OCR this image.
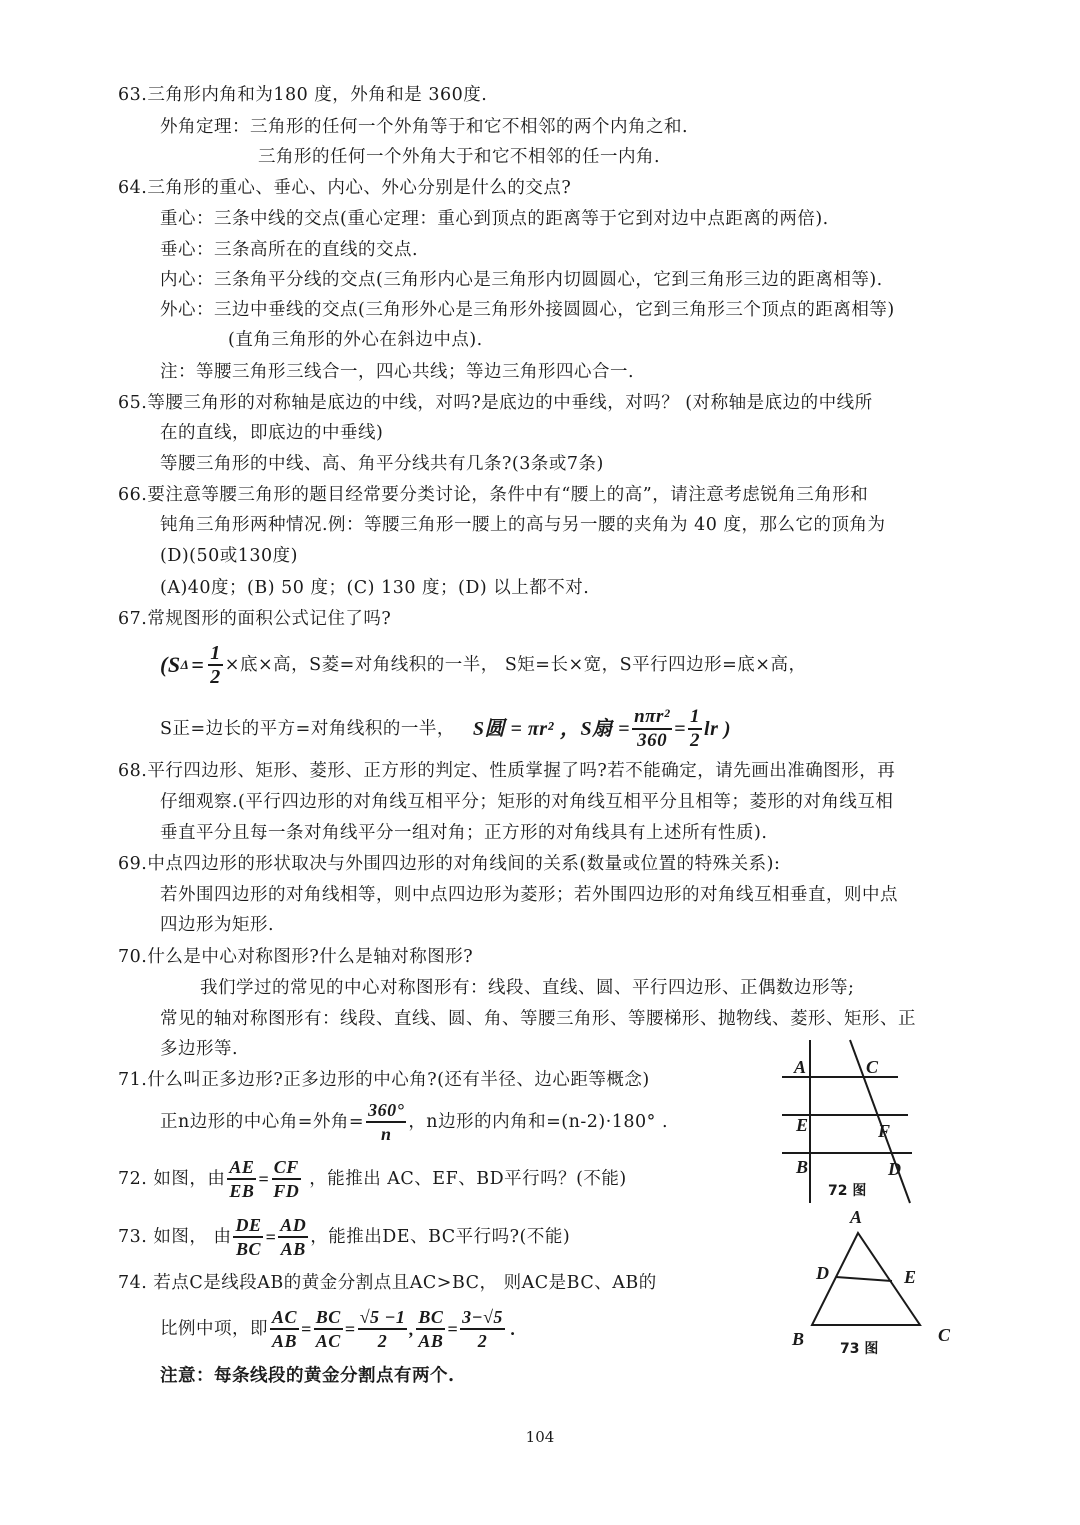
63.三角形内角和为180 度，外角和是 360度.
外角定理：三角形的任何一个外角等于和它不相邻的两个内角之和.
三角形的任何一个外角大于和它不相邻的任一内角.
64.三角形的重心、垂心、内心、外心分别是什么的交点?
重心：三条中线的交点(重心定理：重心到顶点的距离等于它到对边中点距离的两倍).
垂心：三条高所在的直线的交点.
内心：三条角平分线的交点(三角形内心是三角形内切圆圆心，它到三角形三边的距离相等).
外心：三边中垂线的交点(三角形外心是三角形外接圆圆心，它到三角形三个顶点的距离相等)
(直角三角形的外心在斜边中点).
注：等腰三角形三线合一，四心共线；等边三角形四心合一.
65.等腰三角形的对称轴是底边的中线，对吗?是底边的中垂线，对吗？ (对称轴是底边的中线所
在的直线，即底边的中垂线)
等腰三角形的中线、高、角平分线共有几条?(3条或7条)
66.要注意等腰三角形的题目经常要分类讨论，条件中有“腰上的高”，请注意考虑锐角三角形和
钝角三角形两种情况.例：等腰三角形一腰上的高与另一腰的夹角为 40 度，那么它的顶角为
(D)(50或130度)
(A)40度；(B) 50 度；(C) 130 度；(D) 以上都不对.
67.常规图形的面积公式记住了吗?
( S $\Delta = \frac{1}{2}$ ×底×高，S菱=对角线积的一半， S矩=长×宽，S平行四边形=底×高，
S正=边长的平方=对角线积的一半， S圆 = πr² ， S扇 = $\frac{\text{nπr²}}{360} = \frac{1}{2}$ lr )
68.平行四边形、矩形、菱形、正方形的判定、性质掌握了吗?若不能确定，请先画出准确图形，再
仔细观察.(平行四边形的对角线互相平分；矩形的对角线互相平分且相等；菱形的对角线互相
垂直平分且每一条对角线平分一组对角；正方形的对角线具有上述所有性质).
69.中点四边形的形状取决与外围四边形的对角线间的关系(数量或位置的特殊关系):
若外围四边形的对角线相等，则中点四边形为菱形；若外围四边形的对角线互相垂直，则中点
四边形为矩形.
70.什么是中心对称图形?什么是轴对称图形?
我们学过的常见的中心对称图形有：线段、直线、圆、平行四边形、正偶数边形等;
常见的轴对称图形有：线段、直线、圆、角、等腰三角形、等腰梯形、抛物线、菱形、矩形、正
多边形等.
71.什么叫正多边形?正多边形的中心角?(还有半径、边心距等概念)
正n边形的中心角=外角= $\frac{360^\circ}{n}$ ，n边形的内角和=(n-2)·180° .
72. 如图，由 $\frac{AE}{EB} = \frac{CF}{FD}$ ，能推出 AC、EF、BD平行吗？(不能)
73. 如图， 由 $\frac{DE}{BC} = \frac{AD}{AB}$ ，能推出DE、BC平行吗?(不能)
74. 若点C是线段AB的黄金分割点且AC>BC， 则AC是BC、AB的
比例中项，即 $\frac{AC}{AB} = \frac{BC}{AC} = \frac{√5 -1}{2}$ , $\frac{BC}{AB} = \frac{3-√5}{2}$ .
注意：每条线段的黄金分割点有两个.
A	C
E	F
B	D
72 图
A
D	E
B	C
73 图
104
